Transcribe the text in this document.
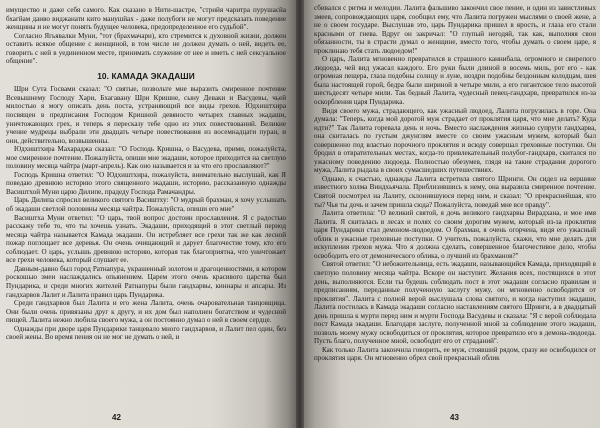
имущество и даже себя самого. Как сказано в Нити-шастре, "стрийя чаритра пурушасйа бхагйам даиво виджанати кито манушйах - даже полубоги не могут предсказать поведение женщины и не могут понять будущее человека, предопределенное его судьбой".

Согласно Ягьявалки Муни, "тот (брахмачари), кто стремится к духовной жизни, должен оставить всякое общение с женщиной, в том числе не должен думать о ней, видеть ее, говорить с ней в уединенном месте, принимать служение от нее и иметь с ней сексуальное общение".

10. КАМАДА ЭКАДАШИ

Шри Сута Госвами сказал: "О святые, позвольте мне выразить смиренное почтение Всевышнему Господу Хари, Бхагавану Шри Кришне, сыну Деваки и Васудевы, чьей милостью я могу описать день поста, устраняющий все виды грехов. Юдхиштхира посвящен в предписания Господом Кришной девяносто четырех главных экадаши, уничтожающих грех, и теперь я пересказу тебе одно из этих повествований. Великие учение мудрецы выбрали эти двадцать четыре повествования из восемнадцати пуран, и они, действительно, возвышенны.

Юдхиштхира Махараджа сказал: "О Господь Кришна, о Васудева, прими, пожалуйста, мое смиренное почтение. Пожалуйста, опиши мне экадаши, которое приходится на светлую половину месяца чайтра (март-апрель). Как оно называется и за что его прославляют?"

Господь Кришна ответил: "О Юдхиштхира, пожалуйста, внимательно выслушай, как Я поведаю древнюю историю этого священного экадаши, историю, рассказанную однажды Васиштхой Муни царю Дилипе, прадеду Господа Рамачандры.

Царь Дилипа спросил великого святого Васиштху: "О мудрый брахман, я хочу услышать об экадаши светлой половины месяца чайтра. Пожалуйста, опиши его мне"

Васиштха Муни ответил: "О царь, твой вопрос достоин прославления. Я с радостью расскажу тебе то, что ты хочешь узнать. Экадаши, приходящий в этот светлый период месяца чайтра называется Камада экадаши. Он истребляет все грехи так же как лесной пожар поглощает все деревья. Он очень очищающий и дарует благочестие тому, кто его соблюдает. О царь, услышь древнюю историю, которая так благоприятна, что уничтожает все грехи человека, который слушает ее.

Давным-давно был город Ратнапура, украшенный золотом и драгоценностями, в котором роскошью змеи наслаждались опьянением. Царем этого очень красивого царства был Пундарика, и среди многих жителей Ратнапуры были гандхарвы, киннары и апсары. Из гандхарвов Лалит и Лалита правил царь Пундарика.

Среди гандхарвов был Лалита и его жена Лалита, очень очаровательная танцовщица. Они были очень привязаны друг к другу, и их дом был наполнен богатством и чудесной пищей. Лалита нежно любила своего мужа, а он постоянно думал о ней в своем сердце.

Однажды при дворе царя Пундарики танцевало много гандхарвов, и Лалит пел один, без своей жены. Во время пения он не мог не думать о ней, и

42

сбивался с ритма и мелодии. Лалита фальшиво закончил свое пение, и один из завистливых змеев, сопровождающих царя, сообщил ему, что Лалита погружен мыслями о своей жене, а не о своем государе. Выслушав это, царь Пундарика пришел в ярость, и глаза его стали красными от гнева. Вдруг он закричал: "О глупый негодяй, так как, выполняя свои обязанности, ты в страсти думал о женщине, вместо того, чтобы думать о своем царе, я проклинаю тебя стать людоедом!"

О царь, Лалита мгновенно превратился в страшного каннибала, огромного и свирепого людоеда, чей вид ужасал каждого. Его руки были длиной в восемь миль, рот его - как огромная пещера, глаза подобны солнцу и луне, ноздри подобны бездонным колодцам, шея была настоящей горой, бедра были шириной в четыре мили, а его гигантское тело высотой шестьдесят четыре мили. Так бедный Лалита, чудесный певец-гандхарв, превратился из-за оскорбления царя Пундарика.

Видя своего мужа, страдающего, как ужасный людоед, Лалита погрузилась в горе. Она думала: "Теперь, когда мой дорогой муж страдает от проклятия царя, что мне делать? Куда идти?" Так Лалита горевала день и ночь. Вместо наслаждения жизнью супруги гандхарва, она скиталась по густым джунглям вместе со своим ужасным мужем, который был совершенно под властью порочного проклятия и всюду совершал греховные поступки. Он бродил в отвратительных местах, когда-то привлекательный полубог-гандхарв, скитался по ужасному поведению людоеда. Полностью обезумев, глядя на такие страдания дорогого мужа, Лалита рыдала в своих сумасшедших путешествиях.

Однако, к счастью, однажды Лалита встретила святого Шринги. Он сидел на вершине известного холма Виндхьячала. Приблизившись к нему, она выразила смиренное почтение. Святой посмотрел на Лалиту, склонившуюся перед ним, и сказал: "О прекраснейшая, кто ты? Чья ты дочь и зачем пришла сюда? Пожалуйста, поведай мне все правду".

Лалита ответила: "О великий святой, я дочь великого гандхарвы Вирадхана, и мое имя Лалита. Я скиталась в лесах и полях со своим дорогим мужем, который из-за проклятия царя Пундарики стал демоном-людоедом. О брахман, я очень огорчена, видя его ужасный облик и ужасные греховные поступки. О учитель, пожалуйста, скажи, что мне делать для искупления грехов мужа. Что я должна сделать, совершенное благочестивое дело, чтобы освободить его от демонического облика, о лучший из брахманов?"

Святой ответил: "О небожительница, есть экадаши, называющийся Камада, приходящий в светлую половину месяца чайтра. Вскоре он наступит. Желания всех, постящихся в этот день, выполняются. Если ты будешь соблюдать пост в этот экадаши согласно правилам и предписаниям, переданные полученную заслугу мужу, он мгновенно освободится от проклятия". Лалита с полной верой выслушала слова святого, и когда наступил экадаши, Лалита постилась в Камада экадаши согласно наставлениям святого Шринги, а в двадцатый день пришла к мурти перед ним и мурти Господа Васудевы и сказала: "Я с верой соблюдала пост Камада экадаши. Благодаря заслуге, полученной мной за соблюдение этого экадаши, позволь моему мужу освободиться от проклятия, которое превратило его в демона-людоеда. Пусть благо, полученное мной, освободит его от страданий".

Как только Лалита закончила говорить, ее муж, стоявший рядом, сразу же освободился от проклятия царя. Он мгновенно обрел свой прекрасный облик

43
